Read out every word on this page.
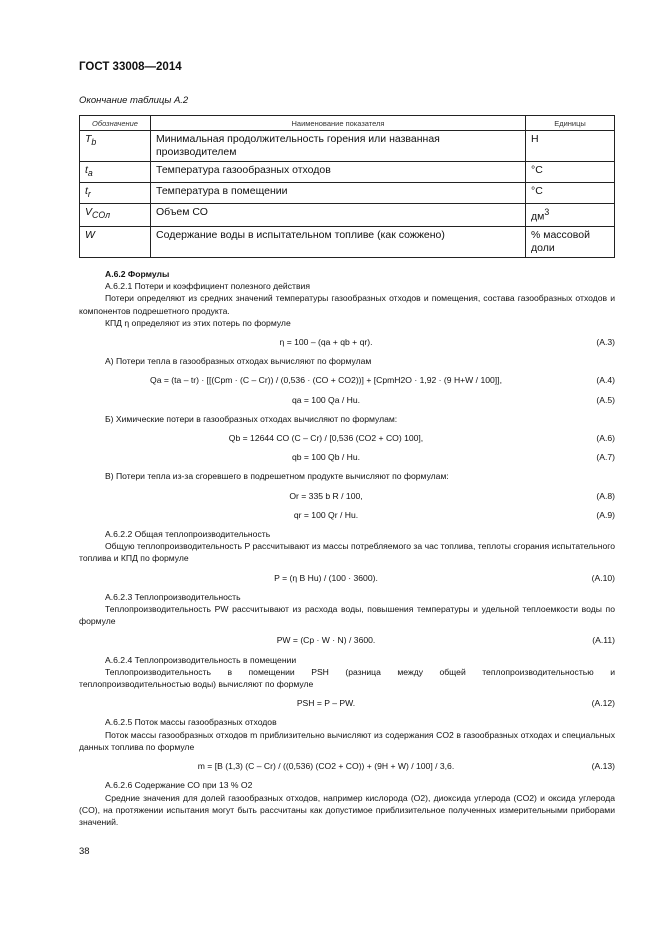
ГОСТ 33008—2014
Окончание таблицы А.2
Обозначение	Наименование показателя	Единицы
$T_b$	Минимальная продолжительность горения или названная производителем	Н
$t_a$	Температура газообразных отходов	°C
$t_r$	Температура в помещении	°C
$V_{COл}$	Объем СО	$дм^3$
W	Содержание воды в испытательном топливе (как сожжено)	% массовой доли

А.6.2 Формулы

А.6.2.1 Потери и коэффициент полезного действия

Потери определяют из средних значений температуры газообразных отходов и помещения, состава газообразных отходов и компонентов подрешетного продукта.

КПД η определяют из этих потерь по формуле

η = 100 – (qa + qb + qr).	(А.3)

А) Потери тепла в газообразных отходах вычисляют по формулам

Qa = (ta – tr) · [[(Cpm · (C – Cr)) / (0,536 · (CO + CO2))] + [CpmH2O · 1,92 · (9 H+W / 100]],	(А.4)
qa = 100 Qa / Hu.	(А.5)

Б) Химические потери в газообразных отходах вычисляют по формулам:

Qb = 12644 CO (C – Cr) / [0,536 (CO2 + CO) 100],	(А.6)
qb = 100 Qb / Hu.	(А.7)

В) Потери тепла из-за сгоревшего в подрешетном продукте вычисляют по формулам:

Or = 335 b R / 100,	(А.8)
qr = 100 Qr / Hu.	(А.9)

А.6.2.2 Общая теплопроизводительность

Общую теплопроизводительность P рассчитывают из массы потребляемого за час топлива, теплоты сгорания испытательного топлива и КПД по формуле

P = (η B Hu) / (100 · 3600).	(А.10)

А.6.2.3 Теплопроизводительность

Теплопроизводительность PW рассчитывают из расхода воды, повышения температуры и удельной теплоемкости воды по формуле

PW = (Cp · W · N) / 3600.	(А.11)

А.6.2.4 Теплопроизводительность в помещении

Теплопроизводительность в помещении PSH (разница между общей теплопроизводительностью и теплопроизводительностью воды) вычисляют по формуле

PSH = P – PW.	(А.12)

А.6.2.5 Поток массы газообразных отходов

Поток массы газообразных отходов m приблизительно вычисляют из содержания CO2 в газообразных отходах и специальных данных топлива по формуле

m = [B (1,3) (C – Cr) / ((0,536) (CO2 + CO)) + (9H + W) / 100] / 3,6.	(А.13)

А.6.2.6 Содержание СО при 13 % O2

Средние значения для долей газообразных отходов, например кислорода (O2), диоксида углерода (CO2) и оксида углерода (CO), на протяжении испытания могут быть рассчитаны как допустимое приблизительное полученных измерительными приборами значений.

38
